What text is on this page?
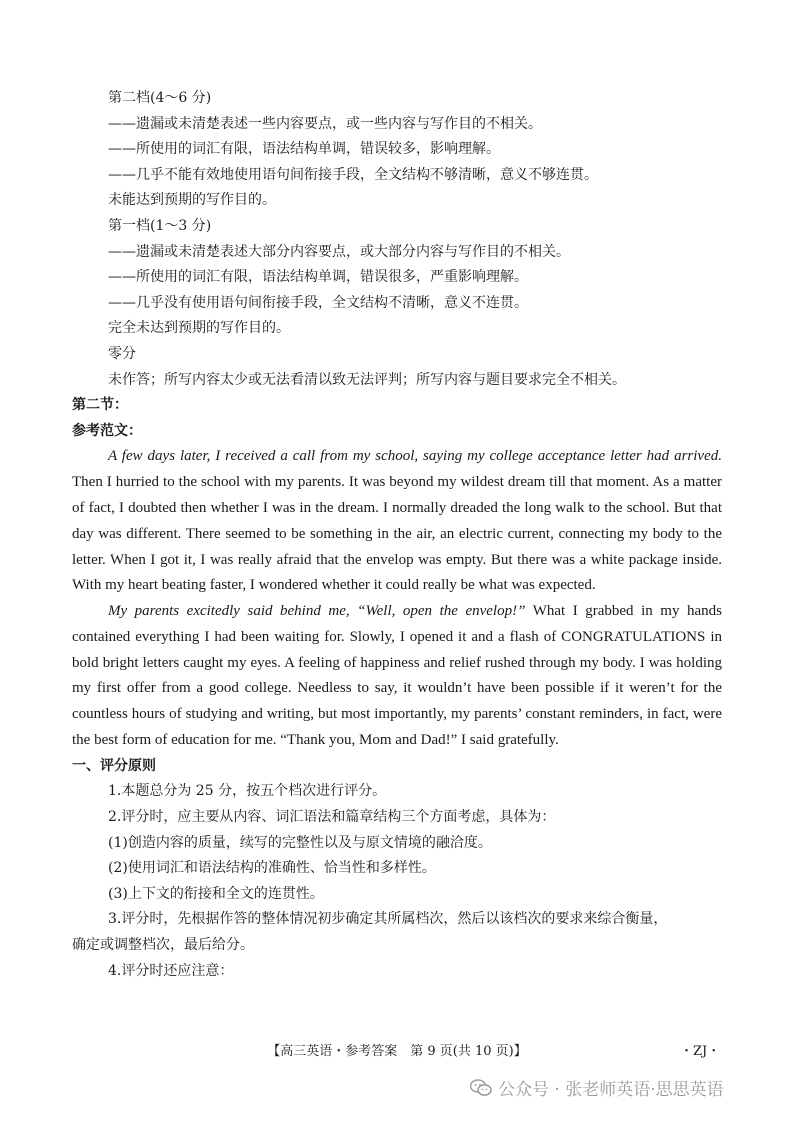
第二档(4～6 分)
——遗漏或未清楚表述一些内容要点，或一些内容与写作目的不相关。
——所使用的词汇有限，语法结构单调，错误较多，影响理解。
——几乎不能有效地使用语句间衔接手段，全文结构不够清晰，意义不够连贯。
未能达到预期的写作目的。
第一档(1～3 分)
——遗漏或未清楚表述大部分内容要点，或大部分内容与写作目的不相关。
——所使用的词汇有限，语法结构单调，错误很多，严重影响理解。
——几乎没有使用语句间衔接手段，全文结构不清晰，意义不连贯。
完全未达到预期的写作目的。
零分
未作答；所写内容太少或无法看清以致无法评判；所写内容与题目要求完全不相关。
第二节：
参考范文：

A few days later, I received a call from my school, saying my college acceptance letter had arrived. Then I hurried to the school with my parents. It was beyond my wildest dream till that moment. As a matter of fact, I doubted then whether I was in the dream. I normally dreaded the long walk to the school. But that day was different. There seemed to be something in the air, an electric current, connecting my body to the letter. When I got it, I was really afraid that the envelop was empty. But there was a white package inside. With my heart beating faster, I wondered whether it could really be what was expected.

My parents excitedly said behind me, “Well, open the envelop!” What I grabbed in my hands contained everything I had been waiting for. Slowly, I opened it and a flash of CONGRATULATIONS in bold bright letters caught my eyes. A feeling of happiness and relief rushed through my body. I was holding my first offer from a good college. Needless to say, it wouldn’t have been possible if it weren’t for the countless hours of studying and writing, but most importantly, my parents’ constant reminders, in fact, were the best form of education for me. “Thank you, Mom and Dad!” I said gratefully.

一、评分原则
1.本题总分为 25 分，按五个档次进行评分。
2.评分时，应主要从内容、词汇语法和篇章结构三个方面考虑，具体为：
(1)创造内容的质量，续写的完整性以及与原文情境的融洽度。
(2)使用词汇和语法结构的准确性、恰当性和多样性。
(3)上下文的衔接和全文的连贯性。
3.评分时，先根据作答的整体情况初步确定其所属档次，然后以该档次的要求来综合衡量，
确定或调整档次，最后给分。
4.评分时还应注意：
【高三英语・参考答案　第 9 页(共 10 页)】	・ZJ・
公众号 · 张老师英语·思思英语
